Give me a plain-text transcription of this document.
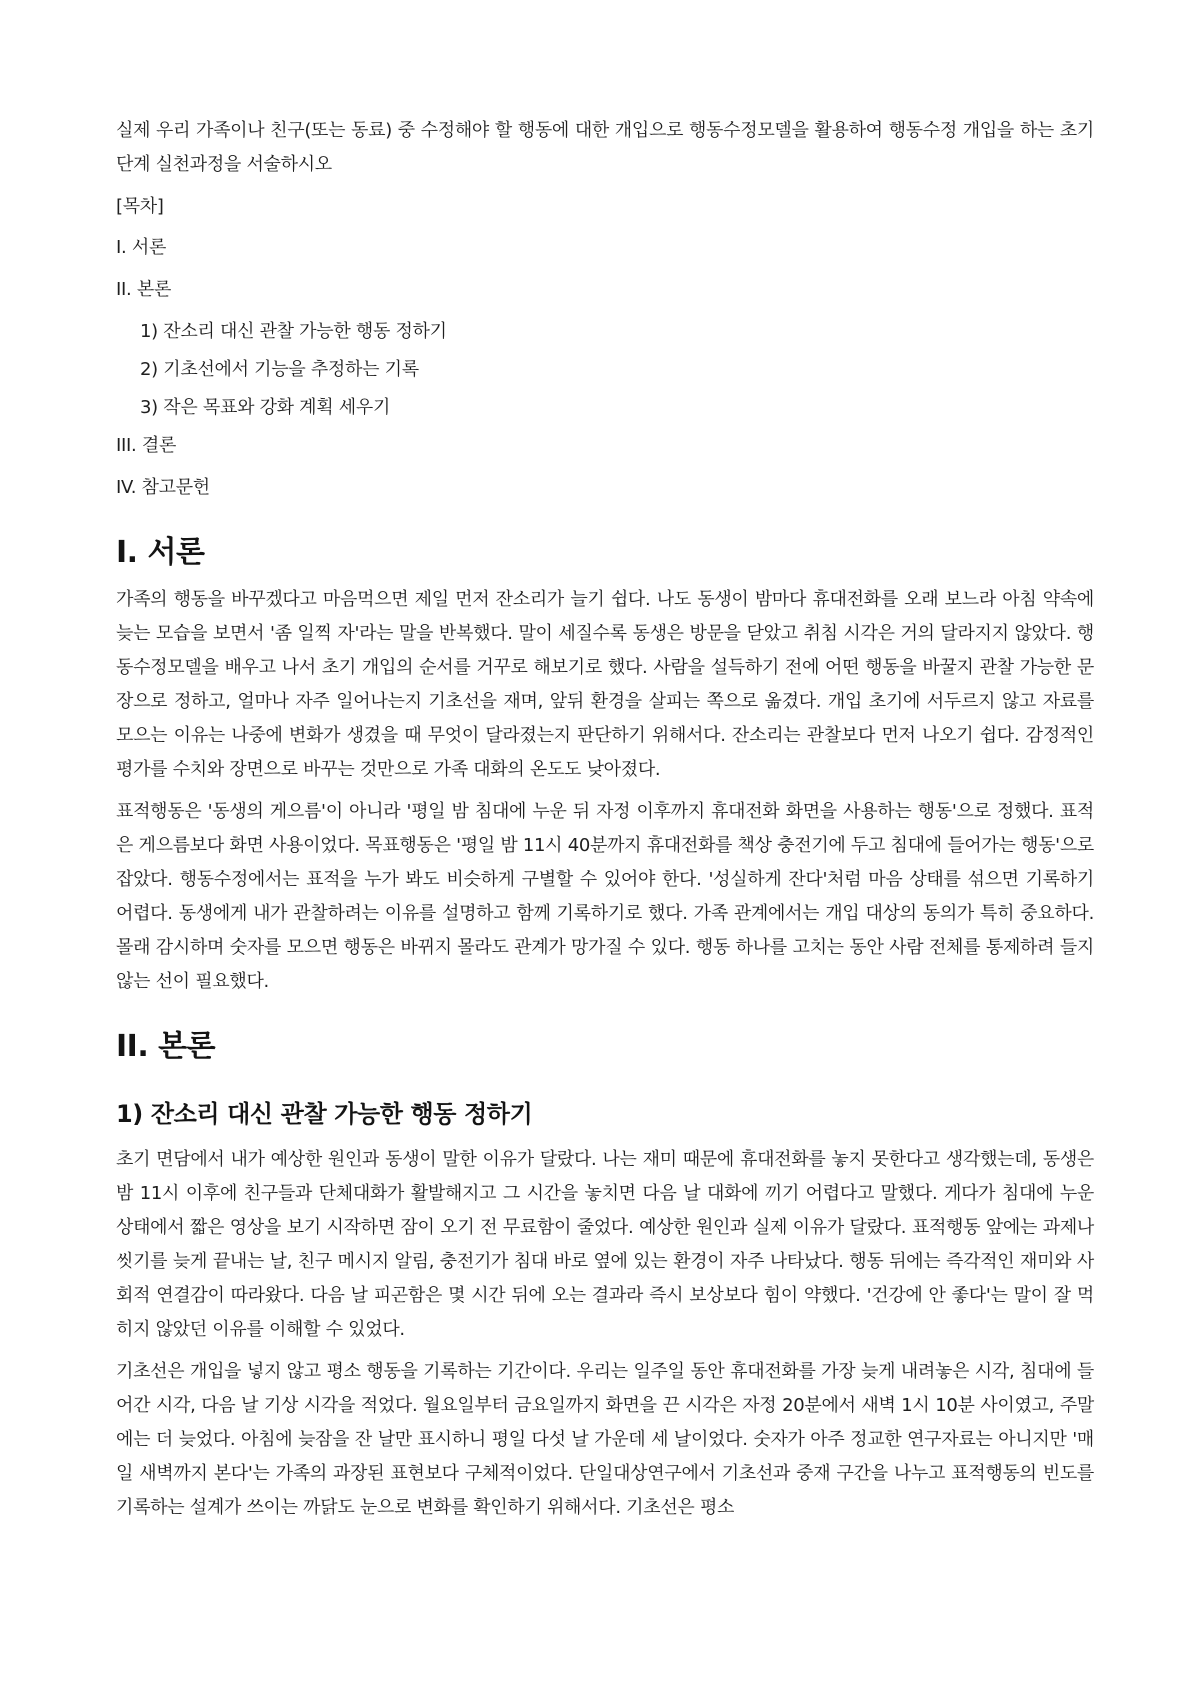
실제 우리 가족이나 친구(또는 동료) 중 수정해야 할 행동에 대한 개입으로 행동수정모델을 활용하여 행동수정 개입을 하는 초기단계 실천과정을 서술하시오

[목차]
I. 서론
II. 본론
1) 잔소리 대신 관찰 가능한 행동 정하기
2) 기초선에서 기능을 추정하는 기록
3) 작은 목표와 강화 계획 세우기
III. 결론
IV. 참고문헌
I. 서론

가족의 행동을 바꾸겠다고 마음먹으면 제일 먼저 잔소리가 늘기 쉽다. 나도 동생이 밤마다 휴대전화를 오래 보느라 아침 약속에 늦는 모습을 보면서 '좀 일찍 자'라는 말을 반복했다. 말이 세질수록 동생은 방문을 닫았고 취침 시각은 거의 달라지지 않았다. 행동수정모델을 배우고 나서 초기 개입의 순서를 거꾸로 해보기로 했다. 사람을 설득하기 전에 어떤 행동을 바꿀지 관찰 가능한 문장으로 정하고, 얼마나 자주 일어나는지 기초선을 재며, 앞뒤 환경을 살피는 쪽으로 옮겼다. 개입 초기에 서두르지 않고 자료를 모으는 이유는 나중에 변화가 생겼을 때 무엇이 달라졌는지 판단하기 위해서다. 잔소리는 관찰보다 먼저 나오기 쉽다. 감정적인 평가를 수치와 장면으로 바꾸는 것만으로 가족 대화의 온도도 낮아졌다.

표적행동은 '동생의 게으름'이 아니라 '평일 밤 침대에 누운 뒤 자정 이후까지 휴대전화 화면을 사용하는 행동'으로 정했다. 표적은 게으름보다 화면 사용이었다. 목표행동은 '평일 밤 11시 40분까지 휴대전화를 책상 충전기에 두고 침대에 들어가는 행동'으로 잡았다. 행동수정에서는 표적을 누가 봐도 비슷하게 구별할 수 있어야 한다. '성실하게 잔다'처럼 마음 상태를 섞으면 기록하기 어렵다. 동생에게 내가 관찰하려는 이유를 설명하고 함께 기록하기로 했다. 가족 관계에서는 개입 대상의 동의가 특히 중요하다. 몰래 감시하며 숫자를 모으면 행동은 바뀌지 몰라도 관계가 망가질 수 있다. 행동 하나를 고치는 동안 사람 전체를 통제하려 들지 않는 선이 필요했다.

II. 본론
1) 잔소리 대신 관찰 가능한 행동 정하기

초기 면담에서 내가 예상한 원인과 동생이 말한 이유가 달랐다. 나는 재미 때문에 휴대전화를 놓지 못한다고 생각했는데, 동생은 밤 11시 이후에 친구들과 단체대화가 활발해지고 그 시간을 놓치면 다음 날 대화에 끼기 어렵다고 말했다. 게다가 침대에 누운 상태에서 짧은 영상을 보기 시작하면 잠이 오기 전 무료함이 줄었다. 예상한 원인과 실제 이유가 달랐다. 표적행동 앞에는 과제나 씻기를 늦게 끝내는 날, 친구 메시지 알림, 충전기가 침대 바로 옆에 있는 환경이 자주 나타났다. 행동 뒤에는 즉각적인 재미와 사회적 연결감이 따라왔다. 다음 날 피곤함은 몇 시간 뒤에 오는 결과라 즉시 보상보다 힘이 약했다. '건강에 안 좋다'는 말이 잘 먹히지 않았던 이유를 이해할 수 있었다.

기초선은 개입을 넣지 않고 평소 행동을 기록하는 기간이다. 우리는 일주일 동안 휴대전화를 가장 늦게 내려놓은 시각, 침대에 들어간 시각, 다음 날 기상 시각을 적었다. 월요일부터 금요일까지 화면을 끈 시각은 자정 20분에서 새벽 1시 10분 사이였고, 주말에는 더 늦었다. 아침에 늦잠을 잔 날만 표시하니 평일 다섯 날 가운데 세 날이었다. 숫자가 아주 정교한 연구자료는 아니지만 '매일 새벽까지 본다'는 가족의 과장된 표현보다 구체적이었다. 단일대상연구에서 기초선과 중재 구간을 나누고 표적행동의 빈도를 기록하는 설계가 쓰이는 까닭도 눈으로 변화를 확인하기 위해서다. 기초선은 평소
